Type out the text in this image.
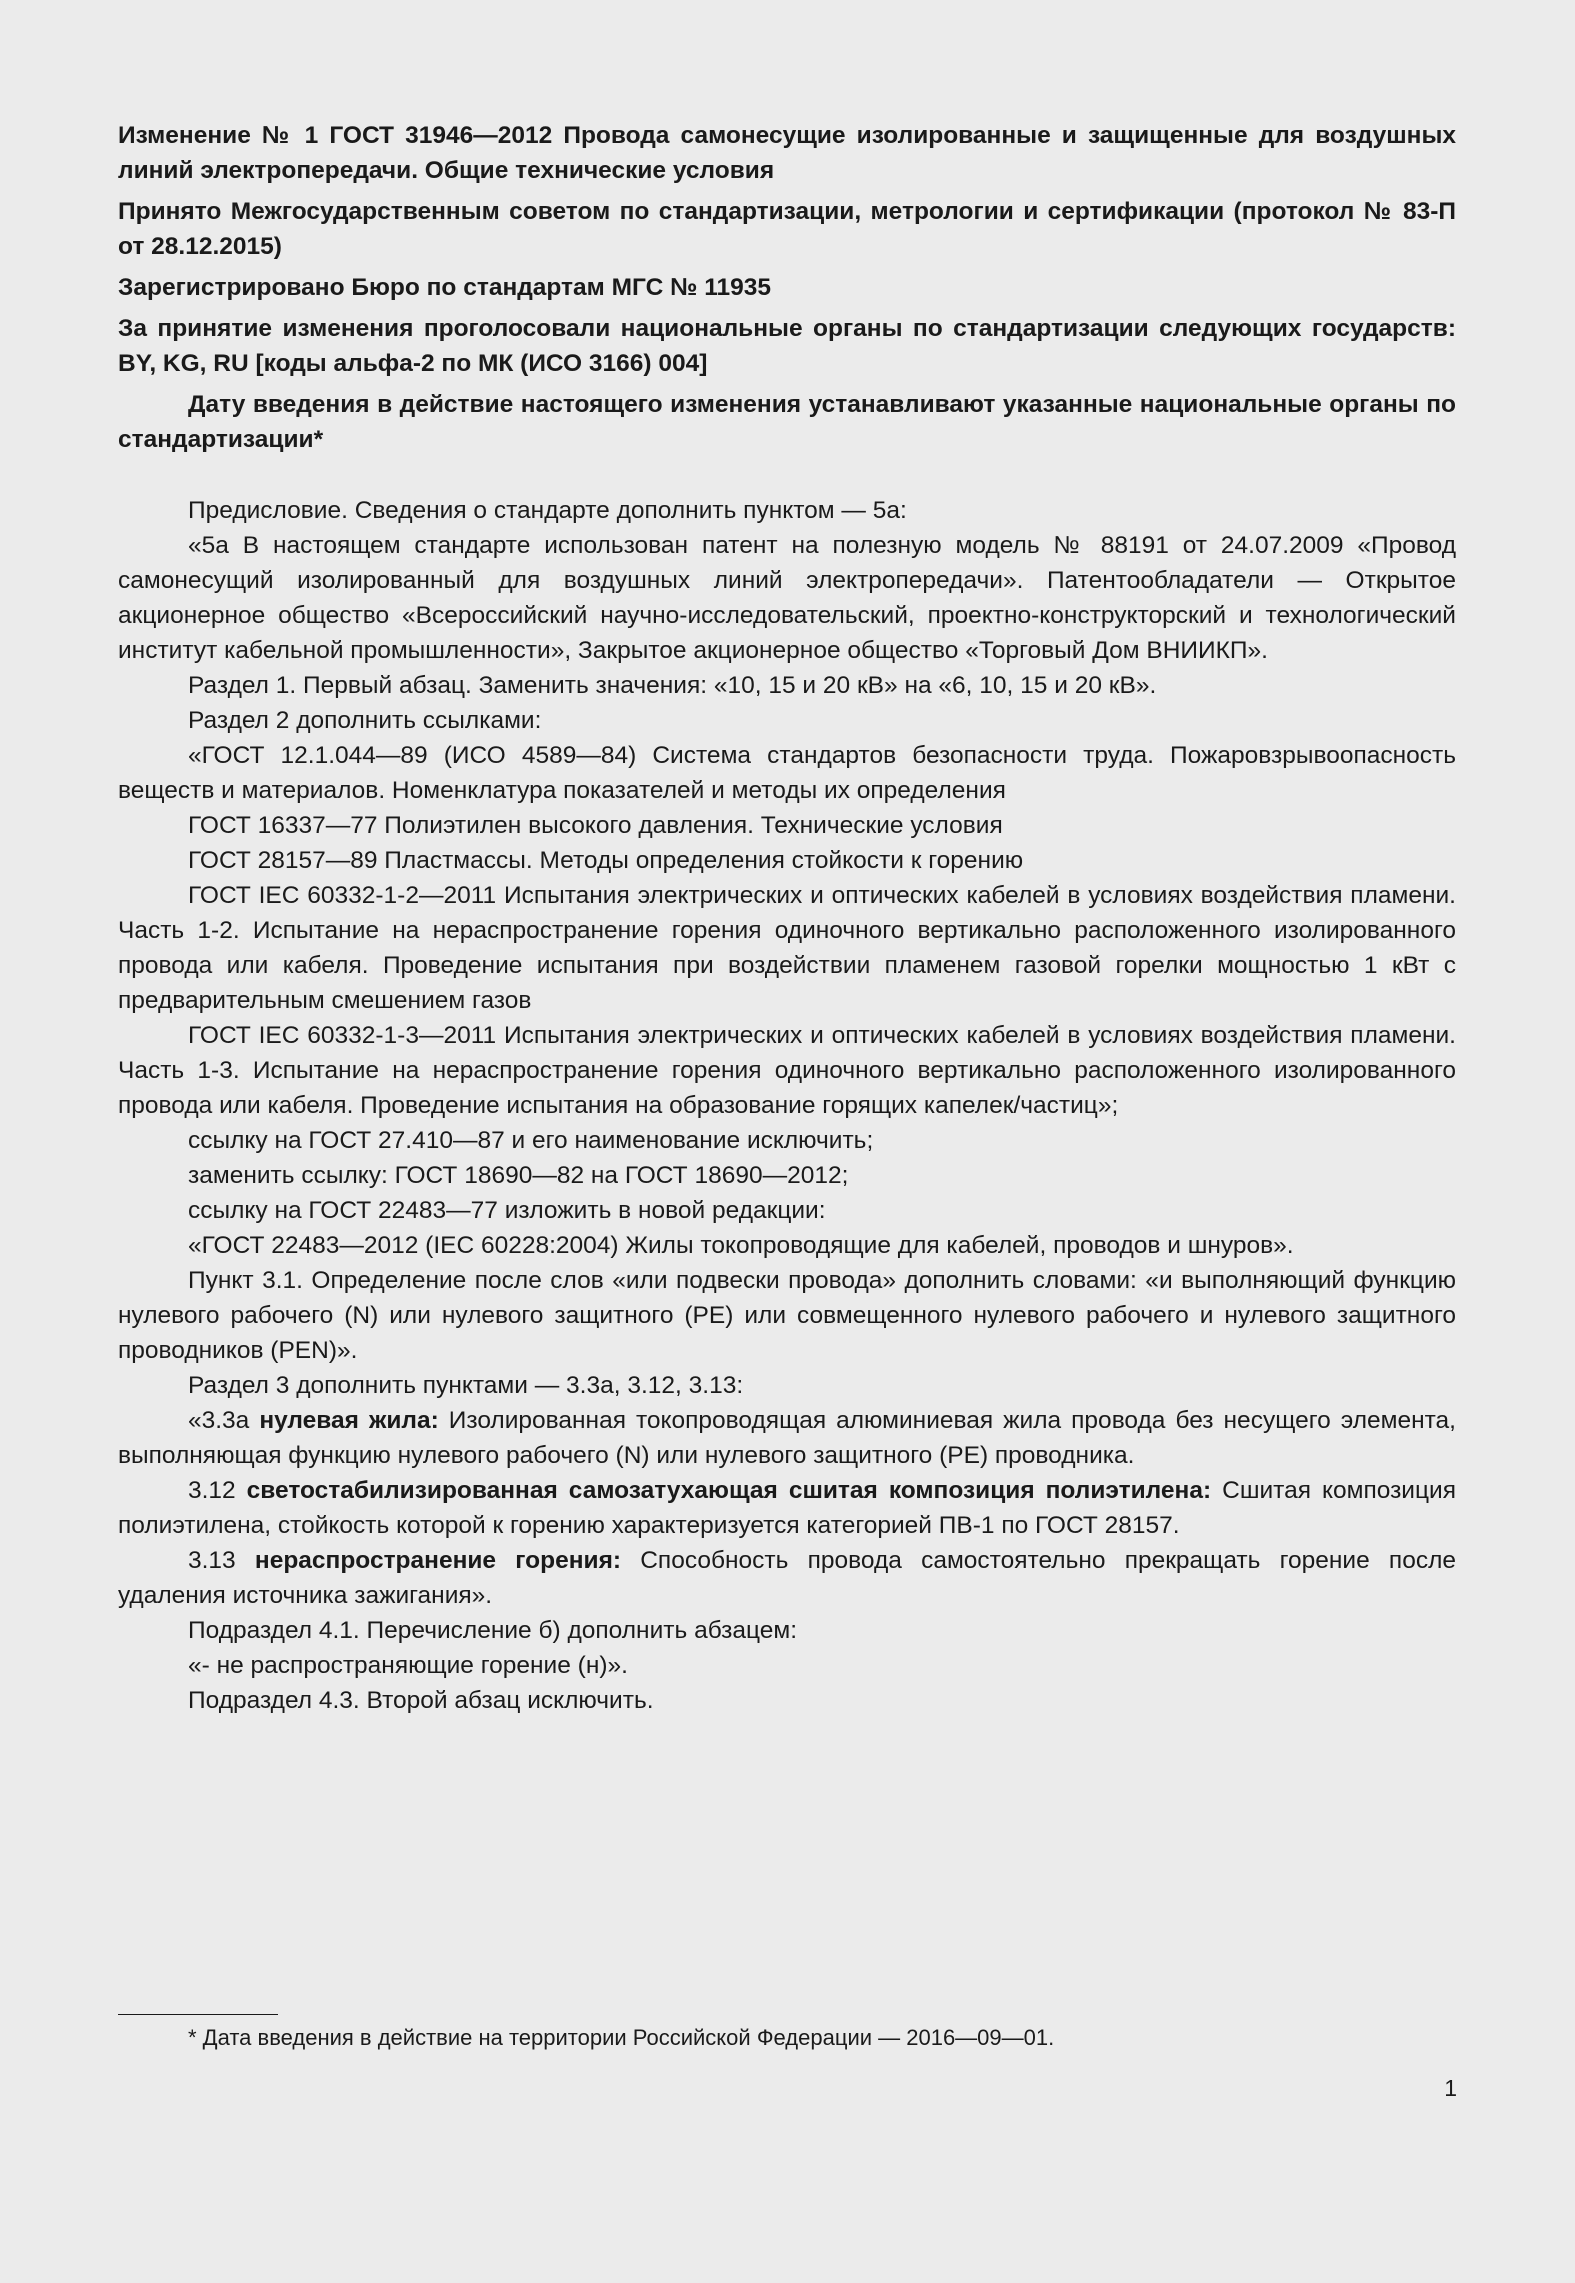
Изменение № 1 ГОСТ 31946—2012 Провода самонесущие изолированные и защищенные для воздушных линий электропередачи. Общие технические условия

Принято Межгосударственным советом по стандартизации, метрологии и сертификации (протокол № 83-П от 28.12.2015)

Зарегистрировано Бюро по стандартам МГС № 11935

За принятие изменения проголосовали национальные органы по стандартизации следующих государств: BY, KG, RU [коды альфа-2 по МК (ИСО 3166) 004]

Дату введения в действие настоящего изменения устанавливают указанные национальные органы по стандартизации*

Предисловие. Сведения о стандарте дополнить пунктом — 5а:

«5а В настоящем стандарте использован патент на полезную модель № 88191 от 24.07.2009 «Провод самонесущий изолированный для воздушных линий электропередачи». Патентообладатели — Открытое акционерное общество «Всероссийский научно-исследовательский, проектно-конструкторский и технологический институт кабельной промышленности», Закрытое акционерное общество «Торговый Дом ВНИИКП».

Раздел 1. Первый абзац. Заменить значения: «10, 15 и 20 кВ» на «6, 10, 15 и 20 кВ».

Раздел 2 дополнить ссылками:

«ГОСТ 12.1.044—89 (ИСО 4589—84) Система стандартов безопасности труда. Пожаровзрывоопасность веществ и материалов. Номенклатура показателей и методы их определения

ГОСТ 16337—77 Полиэтилен высокого давления. Технические условия

ГОСТ 28157—89 Пластмассы. Методы определения стойкости к горению

ГОСТ IEC 60332-1-2—2011 Испытания электрических и оптических кабелей в условиях воздействия пламени. Часть 1-2. Испытание на нераспространение горения одиночного вертикально расположенного изолированного провода или кабеля. Проведение испытания при воздействии пламенем газовой горелки мощностью 1 кВт с предварительным смешением газов

ГОСТ IEC 60332-1-3—2011 Испытания электрических и оптических кабелей в условиях воздействия пламени. Часть 1-3. Испытание на нераспространение горения одиночного вертикально расположенного изолированного провода или кабеля. Проведение испытания на образование горящих капелек/частиц»;

ссылку на ГОСТ 27.410—87 и его наименование исключить;

заменить ссылку: ГОСТ 18690—82 на ГОСТ 18690—2012;

ссылку на ГОСТ 22483—77 изложить в новой редакции:

«ГОСТ 22483—2012 (IEC 60228:2004) Жилы токопроводящие для кабелей, проводов и шнуров».

Пункт 3.1. Определение после слов «или подвески провода» дополнить словами: «и выполняющий функцию нулевого рабочего (N) или нулевого защитного (PE) или совмещенного нулевого рабочего и нулевого защитного проводников (PEN)».

Раздел 3 дополнить пунктами — 3.3а, 3.12, 3.13:

«3.3а нулевая жила: Изолированная токопроводящая алюминиевая жила провода без несущего элемента, выполняющая функцию нулевого рабочего (N) или нулевого защитного (PE) проводника.

3.12 светостабилизированная самозатухающая сшитая композиция полиэтилена: Сшитая композиция полиэтилена, стойкость которой к горению характеризуется категорией ПВ-1 по ГОСТ 28157.

3.13 нераспространение горения: Способность провода самостоятельно прекращать горение после удаления источника зажигания».

Подраздел 4.1. Перечисление б) дополнить абзацем:

«- не распространяющие горение (н)».

Подраздел 4.3. Второй абзац исключить.

* Дата введения в действие на территории Российской Федерации — 2016—09—01.
1
